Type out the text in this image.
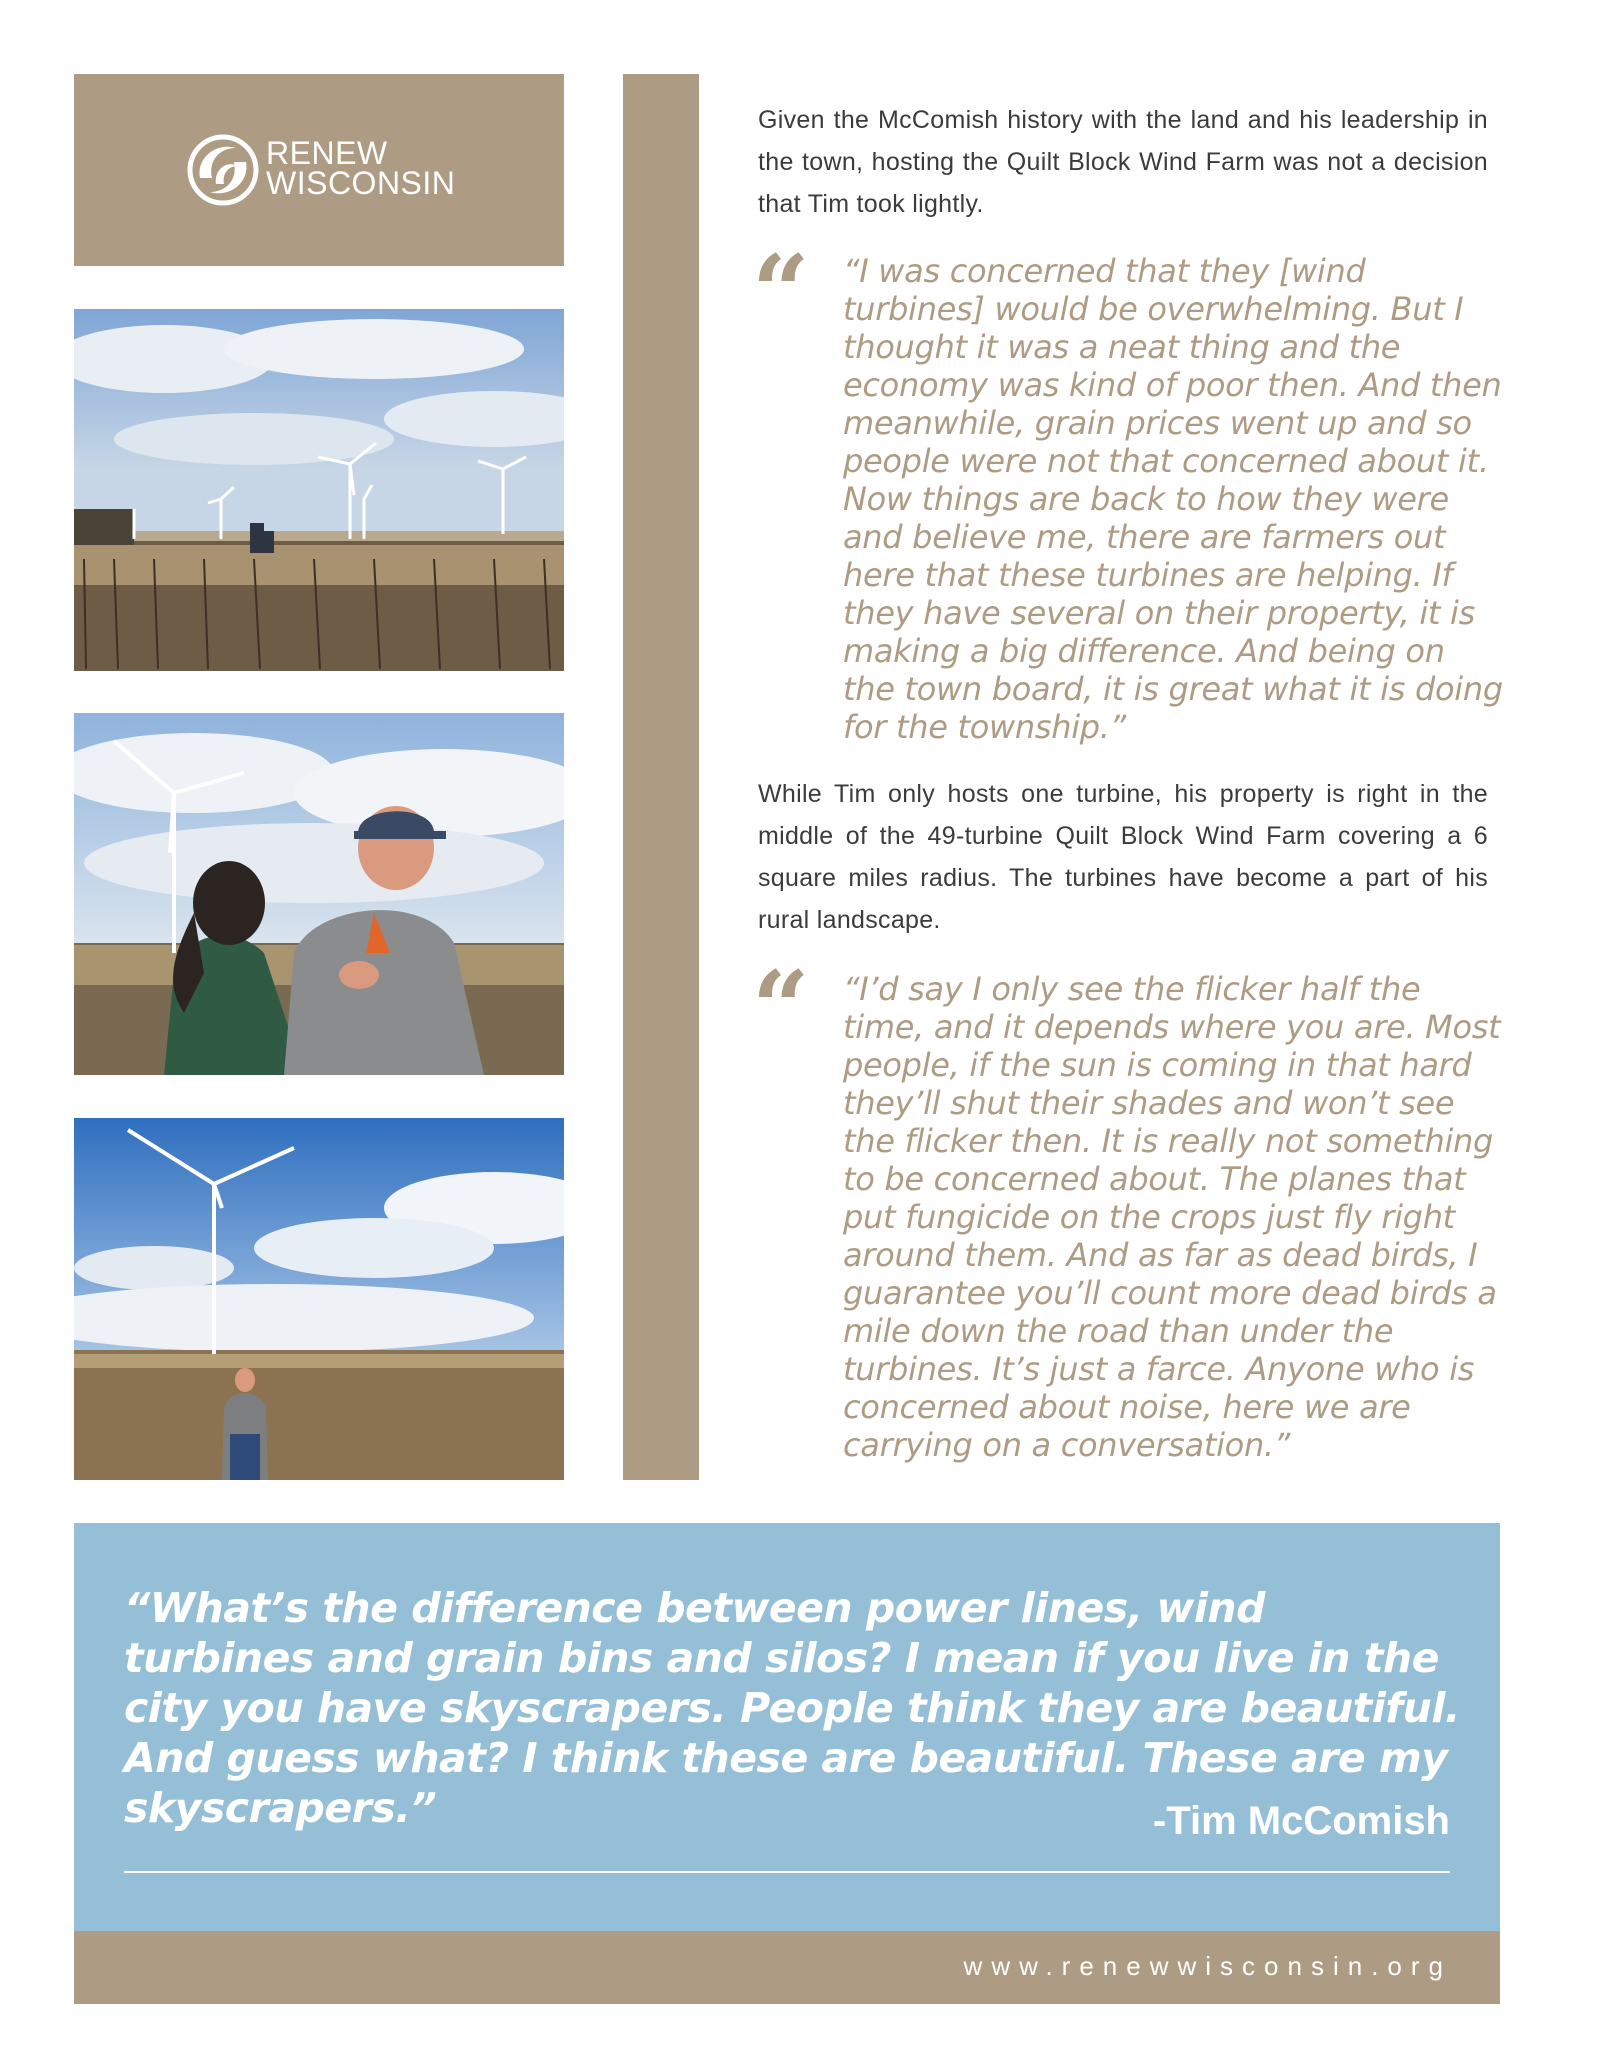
RENEW
WISCONSIN

Given the McComish history with the land and his leadership in the town, hosting the Quilt Block Wind Farm was not a decision that Tim took lightly.

“ “I was concerned that they [wind turbines] would be overwhelming. But I thought it was a neat thing and the economy was kind of poor then. And then meanwhile, grain prices went up and so people were not that concerned about it. Now things are back to how they were and believe me, there are farmers out here that these turbines are helping. If they have several on their property, it is making a big difference. And being on the town board, it is great what it is doing for the township.”

While Tim only hosts one turbine, his property is right in the middle of the 49-turbine Quilt Block Wind Farm covering a 6 square miles radius. The turbines have become a part of his rural landscape.

“ “I’d say I only see the flicker half the time, and it depends where you are. Most people, if the sun is coming in that hard they’ll shut their shades and won’t see the flicker then. It is really not something to be concerned about. The planes that put fungicide on the crops just fly right around them. And as far as dead birds, I guarantee you’ll count more dead birds a mile down the road than under the turbines. It’s just a farce. Anyone who is concerned about noise, here we are carrying on a conversation.”

“What’s the difference between power lines, wind turbines and grain bins and silos? I mean if you live in the city you have skyscrapers. People think they are beautiful. And guess what? I think these are beautiful. These are my skyscrapers.”	-Tim McComish
www.renewwisconsin.org
